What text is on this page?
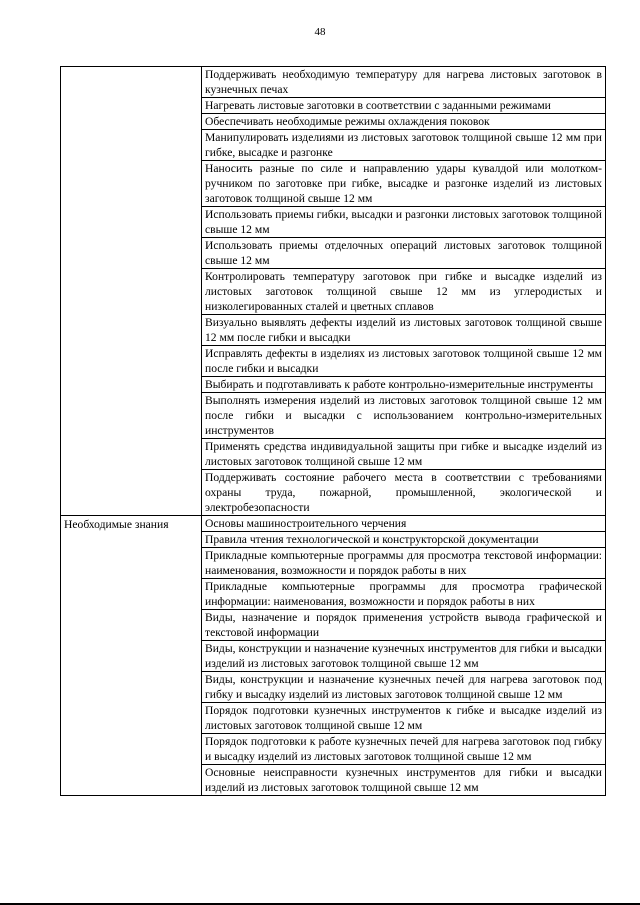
48
	Поддерживать необходимую температуру для нагрева листовых заготовок в кузнечных печах
	Нагревать листовые заготовки в соответствии с заданными режимами
	Обеспечивать необходимые режимы охлаждения поковок
	Манипулировать изделиями из листовых заготовок толщиной свыше 12 мм при гибке, высадке и разгонке
	Наносить разные по силе и направлению удары кувалдой или молотком-ручником по заготовке при гибке, высадке и разгонке изделий из листовых заготовок толщиной свыше 12 мм
	Использовать приемы гибки, высадки и разгонки листовых заготовок толщиной свыше 12 мм
	Использовать приемы отделочных операций листовых заготовок толщиной свыше 12 мм
	Контролировать температуру заготовок при гибке и высадке изделий из листовых заготовок толщиной свыше 12 мм из углеродистых и низколегированных сталей и цветных сплавов
	Визуально выявлять дефекты изделий из листовых заготовок толщиной свыше 12 мм после гибки и высадки
	Исправлять дефекты в изделиях из листовых заготовок толщиной свыше 12 мм после гибки и высадки
	Выбирать и подготавливать к работе контрольно-измерительные инструменты
	Выполнять измерения изделий из листовых заготовок толщиной свыше 12 мм после гибки и высадки с использованием контрольно-измерительных инструментов
	Применять средства индивидуальной защиты при гибке и высадке изделий из листовых заготовок толщиной свыше 12 мм
	Поддерживать состояние рабочего места в соответствии с требованиями охраны труда, пожарной, промышленной, экологической и электробезопасности
Необходимые знания	Основы машиностроительного черчения
	Правила чтения технологической и конструкторской документации
	Прикладные компьютерные программы для просмотра текстовой информации: наименования, возможности и порядок работы в них
	Прикладные компьютерные программы для просмотра графической информации: наименования, возможности и порядок работы в них
	Виды, назначение и порядок применения устройств вывода графической и текстовой информации
	Виды, конструкции и назначение кузнечных инструментов для гибки и высадки изделий из листовых заготовок толщиной свыше 12 мм
	Виды, конструкции и назначение кузнечных печей для нагрева заготовок под гибку и высадку изделий из листовых заготовок толщиной свыше 12 мм
	Порядок подготовки кузнечных инструментов к гибке и высадке изделий из листовых заготовок толщиной свыше 12 мм
	Порядок подготовки к работе кузнечных печей для нагрева заготовок под гибку и высадку изделий из листовых заготовок толщиной свыше 12 мм
	Основные неисправности кузнечных инструментов для гибки и высадки изделий из листовых заготовок толщиной свыше 12 мм
